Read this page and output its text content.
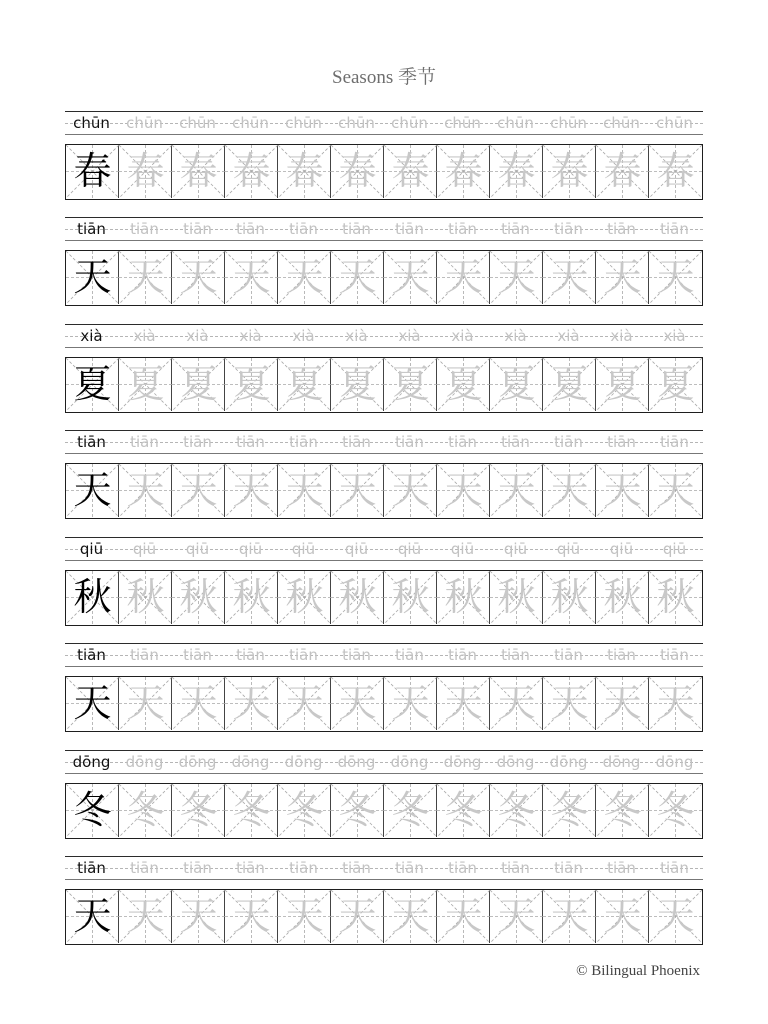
Seasons 季节
chūn	chūn	chūn	chūn	chūn	chūn	chūn	chūn	chūn	chūn	chūn	chūn
春 春 春 春 春 春 春 春 春 春 春 春
tiān	tiān	tiān	tiān	tiān	tiān	tiān	tiān	tiān	tiān	tiān	tiān
天 天 天 天 天 天 天 天 天 天 天 天
xià	xià	xià	xià	xià	xià	xià	xià	xià	xià	xià	xià
夏 夏 夏 夏 夏 夏 夏 夏 夏 夏 夏 夏
tiān	tiān	tiān	tiān	tiān	tiān	tiān	tiān	tiān	tiān	tiān	tiān
天 天 天 天 天 天 天 天 天 天 天 天
qiū	qiū	qiū	qiū	qiū	qiū	qiū	qiū	qiū	qiū	qiū	qiū
秋 秋 秋 秋 秋 秋 秋 秋 秋 秋 秋 秋
tiān	tiān	tiān	tiān	tiān	tiān	tiān	tiān	tiān	tiān	tiān	tiān
天 天 天 天 天 天 天 天 天 天 天 天
dōng	dōng	dōng	dōng	dōng	dōng	dōng	dōng	dōng	dōng	dōng	dōng
冬 冬 冬 冬 冬 冬 冬 冬 冬 冬 冬 冬
tiān	tiān	tiān	tiān	tiān	tiān	tiān	tiān	tiān	tiān	tiān	tiān
天 天 天 天 天 天 天 天 天 天 天 天
© Bilingual Phoenix
